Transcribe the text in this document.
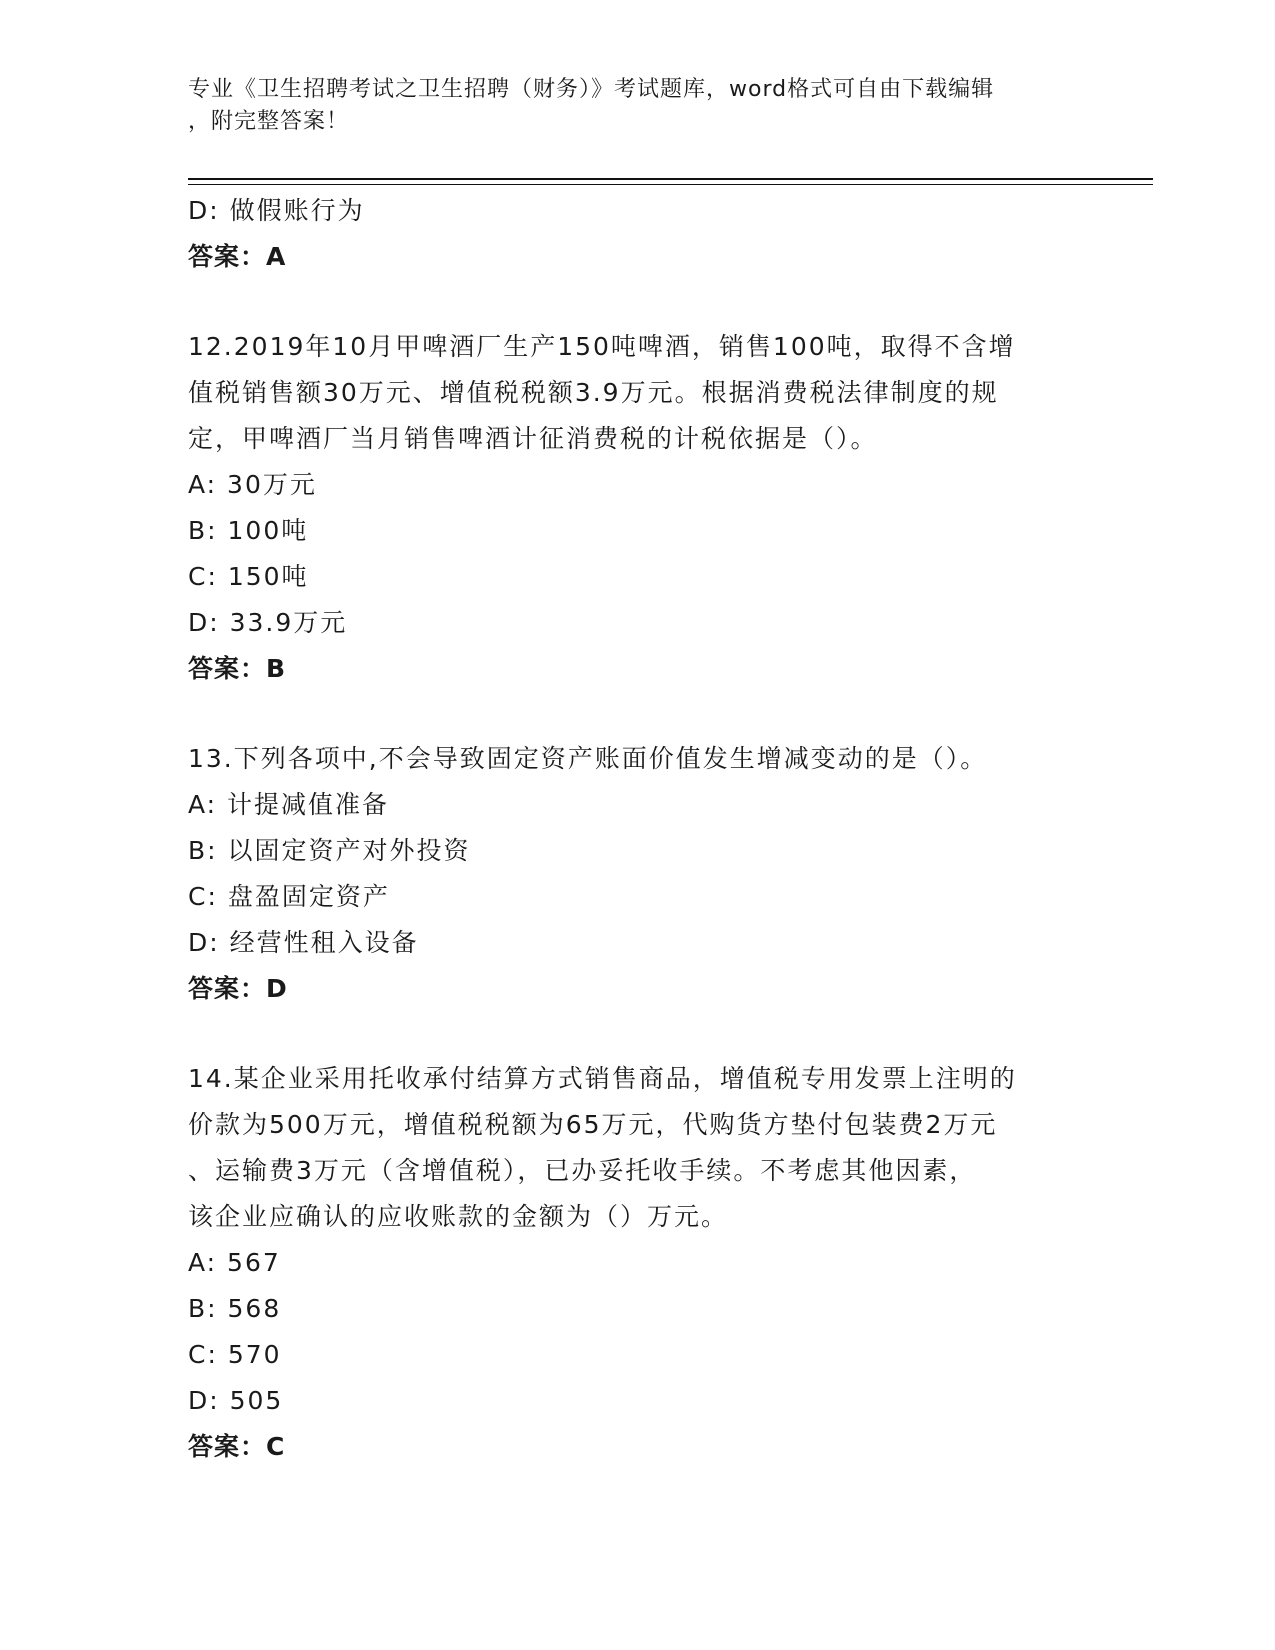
专业《卫生招聘考试之卫生招聘（财务）》考试题库，word格式可自由下载编辑
，附完整答案！
D: 做假账行为
答案：A
12.2019年10月甲啤酒厂生产150吨啤酒，销售100吨，取得不含增
值税销售额30万元、增值税税额3.9万元。根据消费税法律制度的规
定，甲啤酒厂当月销售啤酒计征消费税的计税依据是（）。
A: 30万元
B: 100吨
C: 150吨
D: 33.9万元
答案：B
13.下列各项中,不会导致固定资产账面价值发生增减变动的是（）。
A: 计提减值准备
B: 以固定资产对外投资
C: 盘盈固定资产
D: 经营性租入设备
答案：D
14.某企业采用托收承付结算方式销售商品，增值税专用发票上注明的
价款为500万元，增值税税额为65万元，代购货方垫付包装费2万元
、运输费3万元（含增值税），已办妥托收手续。不考虑其他因素，
该企业应确认的应收账款的金额为（）万元。
A: 567
B: 568
C: 570
D: 505
答案：C
